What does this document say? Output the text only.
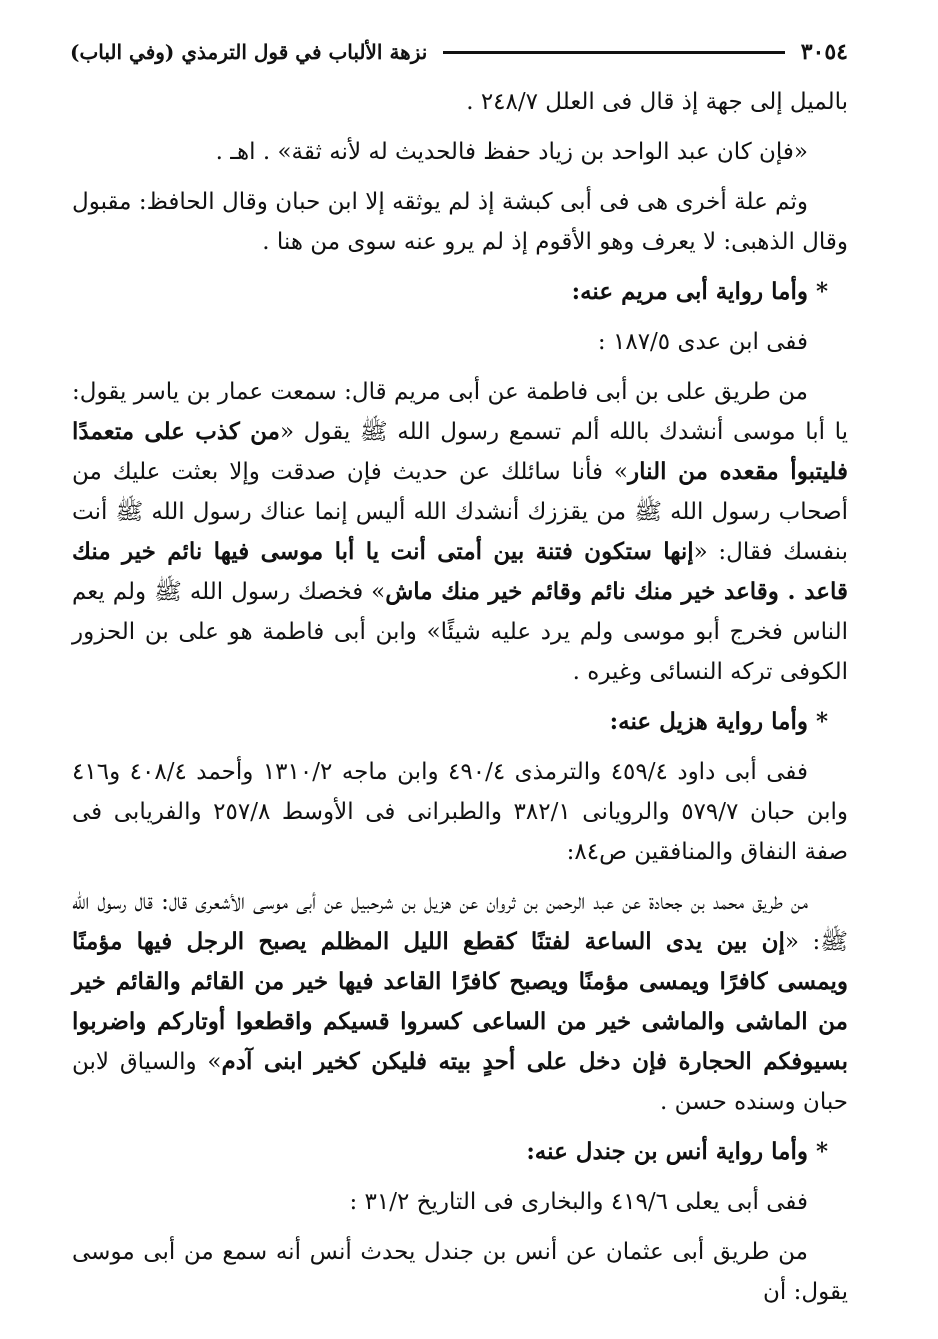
٣٠٥٤
نزهة الألباب في قول الترمذي (وفي الباب)

بالميل إلى جهة إذ قال فى العلل ٢٤٨/٧ .

«فإن كان عبد الواحد بن زياد حفظ فالحديث له لأنه ثقة» . اهـ .

وثم علة أخرى هى فى أبى كبشة إذ لم يوثقه إلا ابن حبان وقال الحافظ: مقبول وقال الذهبى: لا يعرف وهو الأقوم إذ لم يرو عنه سوى من هنا .

* وأما رواية أبى مريم عنه:

ففى ابن عدى ١٨٧/٥ :

من طريق على بن أبى فاطمة عن أبى مريم قال: سمعت عمار بن ياسر يقول: يا أبا موسى أنشدك بالله ألم تسمع رسول الله ﷺ يقول «من كذب على متعمدًا فليتبوأ مقعده من النار» فأنا سائلك عن حديث فإن صدقت وإلا بعثت عليك من أصحاب رسول الله ﷺ من يقززك أنشدك الله أليس إنما عناك رسول الله ﷺ أنت بنفسك فقال: «إنها ستكون فتنة بين أمتى أنت يا أبا موسى فيها نائم خير منك قاعد . وقاعد خير منك نائم وقائم خير منك ماش» فخصك رسول الله ﷺ ولم يعم الناس فخرج أبو موسى ولم يرد عليه شيئًا» وابن أبى فاطمة هو على بن الحزور الكوفى تركه النسائى وغيره .

* وأما رواية هزيل عنه:

ففى أبى داود ٤٥٩/٤ والترمذى ٤٩٠/٤ وابن ماجه ١٣١٠/٢ وأحمد ٤٠٨/٤ و٤١٦ وابن حبان ٥٧٩/٧ والرويانى ٣٨٢/١ والطبرانى فى الأوسط ٢٥٧/٨ والفريابى فى صفة النفاق والمنافقين ص٨٤:

من طريق محمد بن جحادة عن عبد الرحمن بن ثروان عن هزيل بن شرحبيل عن أبى موسى الأشعرى قال: قال رسول الله ﷺ: «إن بين يدى الساعة لفتنًا كقطع الليل المظلم يصبح الرجل فيها مؤمنًا ويمسى كافرًا ويمسى مؤمنًا ويصبح كافرًا القاعد فيها خير من القائم والقائم خير من الماشى والماشى خير من الساعى كسروا قسيكم واقطعوا أوتاركم واضربوا بسيوفكم الحجارة فإن دخل على أحدٍ بيته فليكن كخير ابنى آدم» والسياق لابن حبان وسنده حسن .

* وأما رواية أنس بن جندل عنه:

ففى أبى يعلى ٤١٩/٦ والبخارى فى التاريخ ٣١/٢ :

من طريق أبى عثمان عن أنس بن جندل يحدث أنس أنه سمع من أبى موسى يقول: أن
